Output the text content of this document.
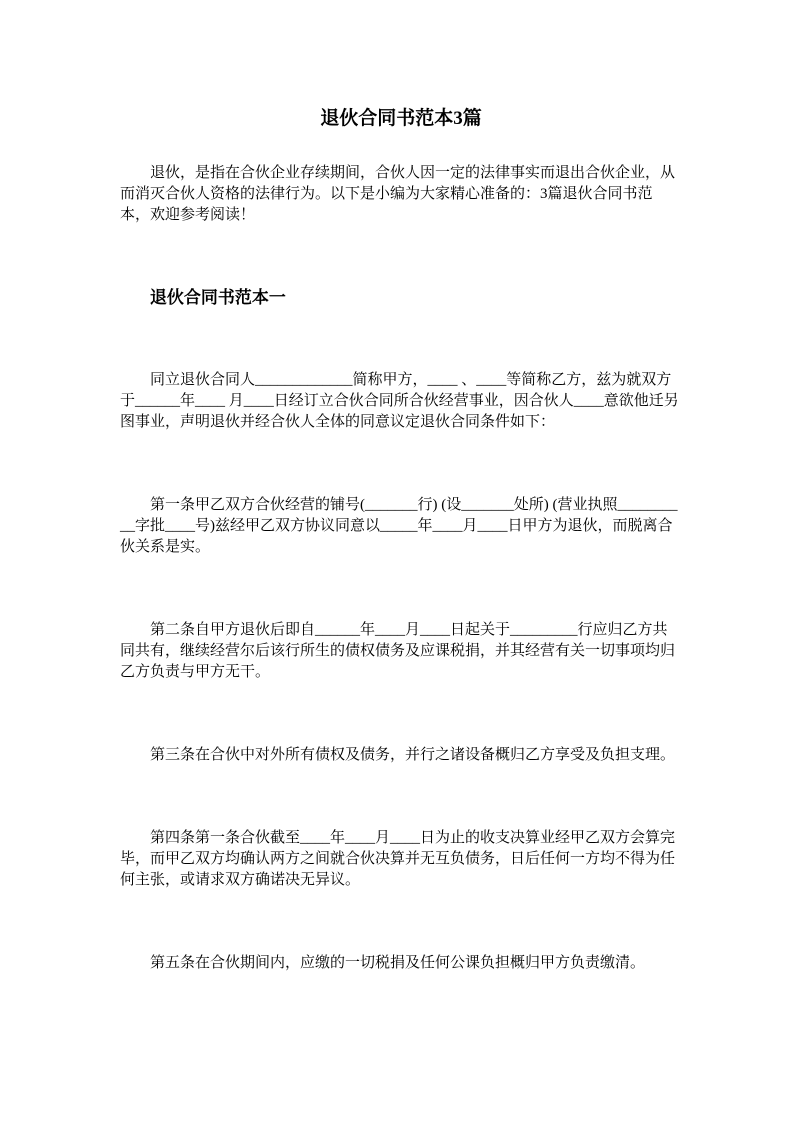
退伙合同书范本3篇

退伙，是指在合伙企业存续期间，合伙人因一定的法律事实而退出合伙企业，从而消灭合伙人资格的法律行为。以下是小编为大家精心准备的：3篇退伙合同书范本，欢迎参考阅读！

退伙合同书范本一

同立退伙合同人_____________简称甲方，____ 、____等简称乙方，兹为就双方于______年____ 月____日经订立合伙合同所合伙经营事业，因合伙人____意欲他迁另图事业，声明退伙并经合伙人全体的同意议定退伙合同条件如下：

第一条甲乙双方合伙经营的铺号(_______行) (设_______处所) (营业执照__________字批____号)兹经甲乙双方协议同意以_____年____月____日甲方为退伙，而脱离合伙关系是实。

第二条自甲方退伙后即自______年____月____日起关于_________行应归乙方共同共有，继续经营尔后该行所生的债权债务及应课税捐，并其经营有关一切事项均归乙方负责与甲方无干。

第三条在合伙中对外所有债权及债务，并行之诸设备概归乙方享受及负担支理。

第四条第一条合伙截至____年____月____日为止的收支决算业经甲乙双方会算完毕，而甲乙双方均确认两方之间就合伙决算并无互负债务，日后任何一方均不得为任何主张，或请求双方确诺决无异议。

第五条在合伙期间内，应缴的一切税捐及任何公课负担概归甲方负责缴清。
